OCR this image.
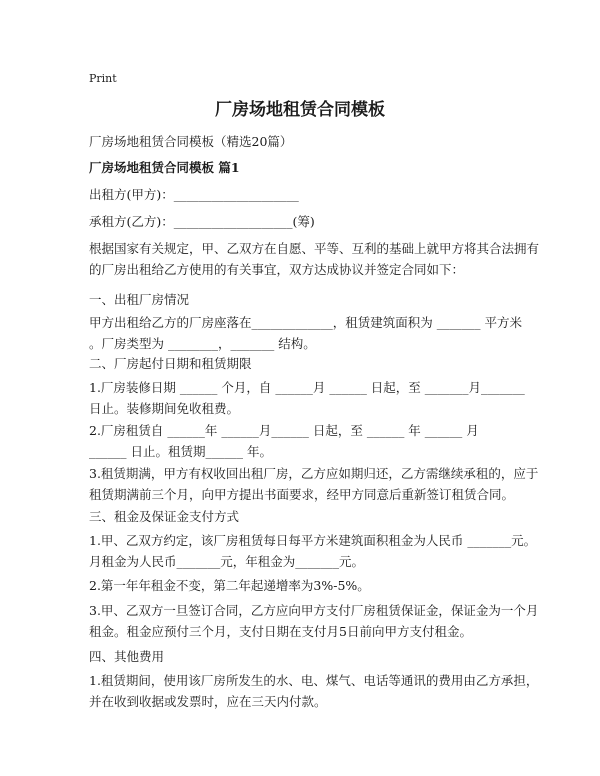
Print
厂房场地租赁合同模板
厂房场地租赁合同模板（精选20篇）
厂房场地租赁合同模板 篇1
出租方(甲方)：____________________
承租方(乙方)：___________________(筹)
根据国家有关规定，甲、乙双方在自愿、平等、互利的基础上就甲方将其合法拥有
的厂房出租给乙方使用的有关事宜，双方达成协议并签定合同如下：
一、出租厂房情况
甲方出租给乙方的厂房座落在_____________，租赁建筑面积为 _______ 平方米
。厂房类型为 ________，_______ 结构。
二、厂房起付日期和租赁期限
1.厂房装修日期 ______ 个月，自 ______月 ______ 日起，至 _______月_______
日止。装修期间免收租费。
2.厂房租赁自 ______年 ______月______ 日起，至 ______ 年 ______ 月
______ 日止。租赁期______ 年。
3.租赁期满，甲方有权收回出租厂房，乙方应如期归还，乙方需继续承租的，应于
租赁期满前三个月，向甲方提出书面要求，经甲方同意后重新签订租赁合同。
三、租金及保证金支付方式
1.甲、乙双方约定，该厂房租赁每日每平方米建筑面积租金为人民币 _______元。
月租金为人民币_______元，年租金为_______元。
2.第一年年租金不变，第二年起递增率为3%-5%。
3.甲、乙双方一旦签订合同，乙方应向甲方支付厂房租赁保证金，保证金为一个月
租金。租金应预付三个月，支付日期在支付月5日前向甲方支付租金。
四、其他费用
1.租赁期间，使用该厂房所发生的水、电、煤气、电话等通讯的费用由乙方承担，
并在收到收据或发票时，应在三天内付款。
